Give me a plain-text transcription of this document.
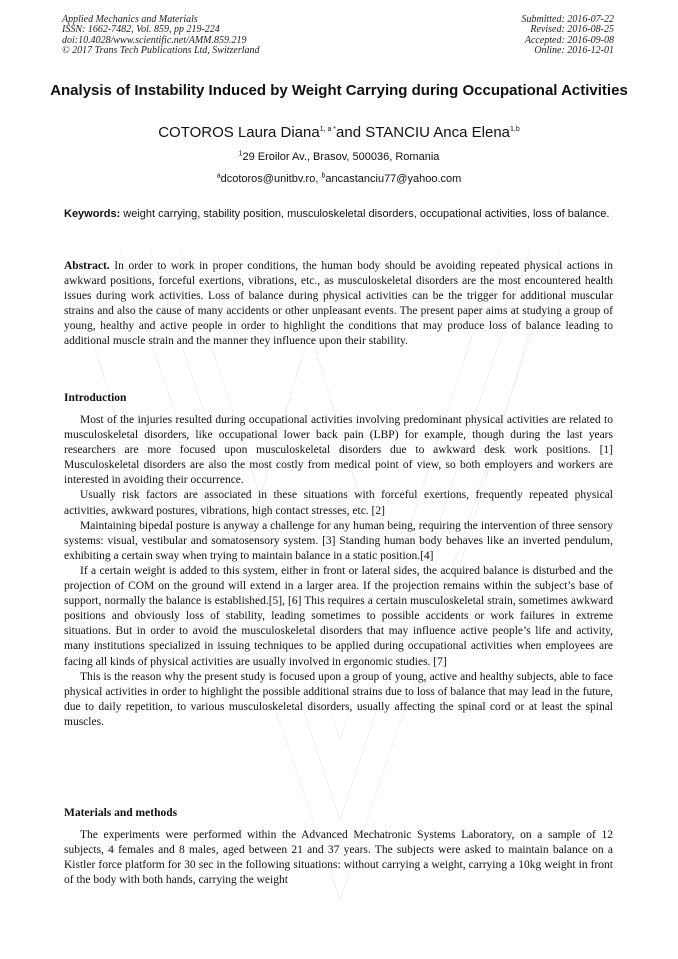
Applied Mechanics and Materials
ISSN: 1662-7482, Vol. 859, pp 219-224
doi:10.4028/www.scientific.net/AMM.859.219
© 2017 Trans Tech Publications Ltd, Switzerland
Submitted: 2016-07-22
Revised: 2016-08-25
Accepted: 2016-09-08
Online: 2016-12-01
Analysis of Instability Induced by Weight Carrying during Occupational Activities
COTOROS Laura Diana$^{1, a *}$and STANCIU Anca Elena$^{1,b}$
$^1$29 Eroilor Av., Brasov, 500036, Romania
$^a$dcotoros@unitbv.ro, $^b$ancastanciu77@yahoo.com
Keywords: weight carrying, stability position, musculoskeletal disorders, occupational activities, loss of balance.
Abstract. In order to work in proper conditions, the human body should be avoiding repeated physical actions in awkward positions, forceful exertions, vibrations, etc., as musculoskeletal disorders are the most encountered health issues during work activities. Loss of balance during physical activities can be the trigger for additional muscular strains and also the cause of many accidents or other unpleasant events. The present paper aims at studying a group of young, healthy and active people in order to highlight the conditions that may produce loss of balance leading to additional muscle strain and the manner they influence upon their stability.
Introduction

Most of the injuries resulted during occupational activities involving predominant physical activities are related to musculoskeletal disorders, like occupational lower back pain (LBP) for example, though during the last years researchers are more focused upon musculoskeletal disorders due to awkward desk work positions. [1] Musculoskeletal disorders are also the most costly from medical point of view, so both employers and workers are interested in avoiding their occurrence.

Usually risk factors are associated in these situations with forceful exertions, frequently repeated physical activities, awkward postures, vibrations, high contact stresses, etc. [2]

Maintaining bipedal posture is anyway a challenge for any human being, requiring the intervention of three sensory systems: visual, vestibular and somatosensory system. [3] Standing human body behaves like an inverted pendulum, exhibiting a certain sway when trying to maintain balance in a static position.[4]

If a certain weight is added to this system, either in front or lateral sides, the acquired balance is disturbed and the projection of COM on the ground will extend in a larger area. If the projection remains within the subject’s base of support, normally the balance is established.[5], [6] This requires a certain musculoskeletal strain, sometimes awkward positions and obviously loss of stability, leading sometimes to possible accidents or work failures in extreme situations. But in order to avoid the musculoskeletal disorders that may influence active people’s life and activity, many institutions specialized in issuing techniques to be applied during occupational activities when employees are facing all kinds of physical activities are usually involved in ergonomic studies. [7]

This is the reason why the present study is focused upon a group of young, active and healthy subjects, able to face physical activities in order to highlight the possible additional strains due to loss of balance that may lead in the future, due to daily repetition, to various musculoskeletal disorders, usually affecting the spinal cord or at least the spinal muscles.

Materials and methods

The experiments were performed within the Advanced Mechatronic Systems Laboratory, on a sample of 12 subjects, 4 females and 8 males, aged between 21 and 37 years. The subjects were asked to maintain balance on a Kistler force platform for 30 sec in the following situations: without carrying a weight, carrying a 10kg weight in front of the body with both hands, carrying the weight
